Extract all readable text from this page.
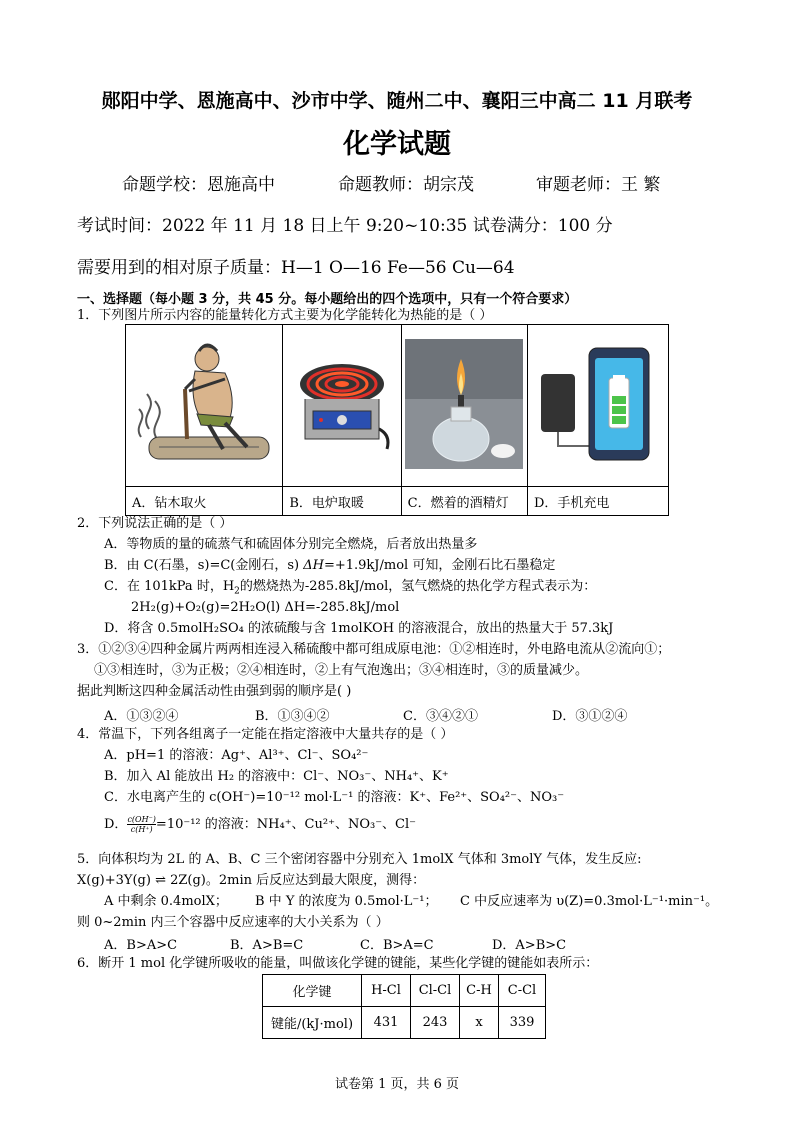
郧阳中学、恩施高中、沙市中学、随州二中、襄阳三中高二 11 月联考
化学试题
命题学校：恩施高中	命题教师：胡宗茂	审题老师：王 繁
考试时间：2022 年 11 月 18 日上午 9:20~10:35 试卷满分：100 分
需要用到的相对原子质量：H—1 O—16 Fe—56 Cu—64
一、选择题（每小题 3 分，共 45 分。每小题给出的四个选项中，只有一个符合要求）
1．下列图片所示内容的能量转化方式主要为化学能转化为热能的是（ ）

A．钻木取火	B．电炉取暖	C．燃着的酒精灯	D．手机充电
2．下列说法正确的是（ ）
A．等物质的量的硫蒸气和硫固体分别完全燃烧，后者放出热量多
B．由 C(石墨，s)=C(金刚石，s) ΔH=+1.9kJ/mol 可知，金刚石比石墨稳定
C．在 101kPa 时，$H_2$的燃烧热为-285.8kJ/mol，氢气燃烧的热化学方程式表示为：
2H₂(g)+O₂(g)=2H₂O(l) ΔH=-285.8kJ/mol
D．将含 0.5molH₂SO₄ 的浓硫酸与含 1molKOH 的溶液混合，放出的热量大于 57.3kJ
3．①②③④四种金属片两两相连浸入稀硫酸中都可组成原电池：①②相连时，外电路电流从②流向①；
①③相连时，③为正极；②④相连时，②上有气泡逸出；③④相连时，③的质量减少。
据此判断这四种金属活动性由强到弱的顺序是( )
A．①③②④	B．①③④②	C．③④②①	D．③①②④
4．常温下，下列各组离子一定能在指定溶液中大量共存的是（ ）
A．pH=1 的溶液：Ag⁺、Al³⁺、Cl⁻、SO₄²⁻
B．加入 Al 能放出 H₂ 的溶液中：Cl⁻、NO₃⁻、NH₄⁺、K⁺
C．水电离产生的 c(OH⁻)=10⁻¹² mol·L⁻¹ 的溶液：K⁺、Fe²⁺、SO₄²⁻、NO₃⁻
D． $\frac{c(OH^-)}{c(H^+)} =10^{-12}$ 的溶液：NH₄⁺、Cu²⁺、NO₃⁻、Cl⁻
5．向体积均为 2L 的 A、B、C 三个密闭容器中分别充入 1molX 气体和 3molY 气体，发生反应:
X(g)+3Y(g) ⇌ 2Z(g)。2min 后反应达到最大限度，测得：
A 中剩余 0.4molX； B 中 Y 的浓度为 0.5mol·L⁻¹； C 中反应速率为 υ(Z)=0.3mol·L⁻¹·min⁻¹。
则 0~2min 内三个容器中反应速率的大小关系为（ ）
A．B>A>C	B．A>B=C	C．B>A=C	D．A>B>C
6．断开 1 mol 化学键所吸收的能量，叫做该化学键的键能，某些化学键的键能如表所示：
化学键	H-Cl	Cl-Cl	C-H	C-Cl
键能/(kJ·mol)	431	243	x	339
试卷第 1 页，共 6 页
